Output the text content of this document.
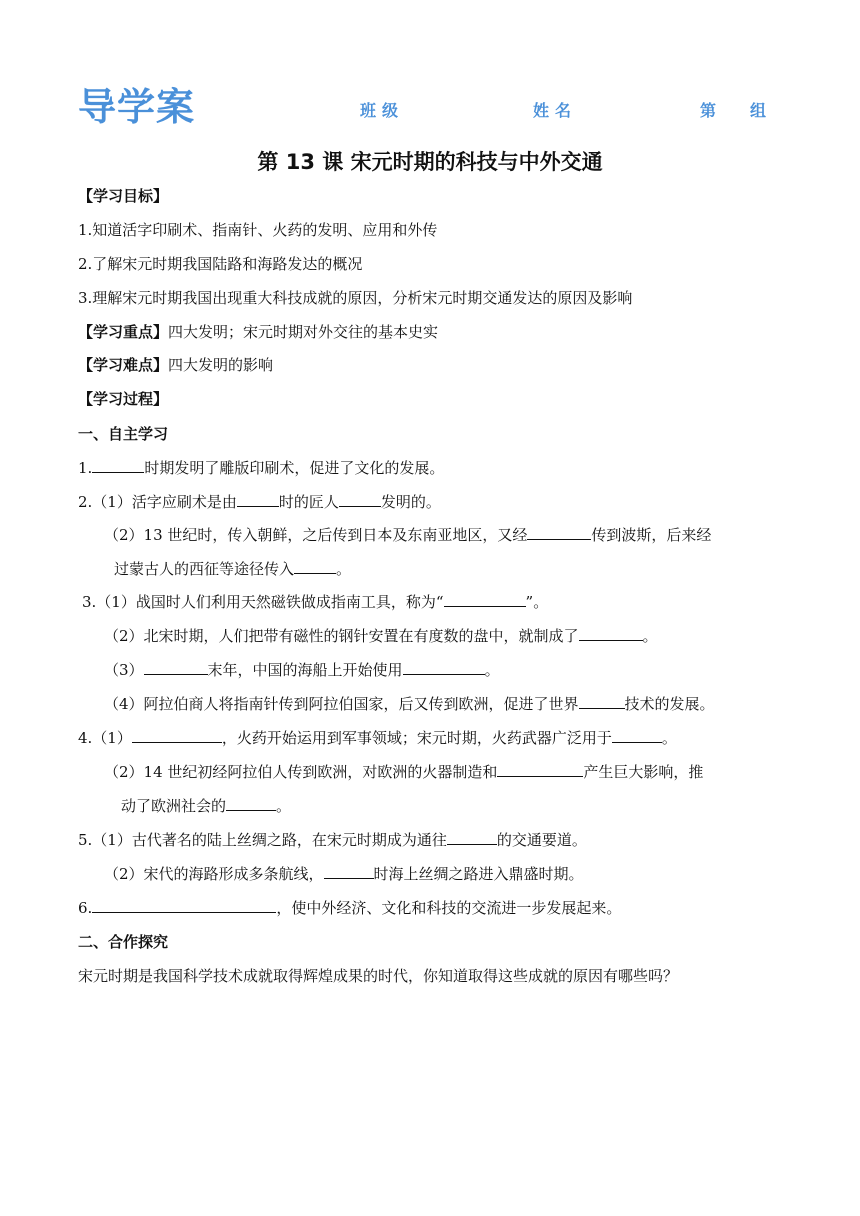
导学案	班级	姓名	第 组
第 13 课 宋元时期的科技与中外交通
【学习目标】
1.知道活字印刷术、指南针、火药的发明、应用和外传
2.了解宋元时期我国陆路和海路发达的概况
3.理解宋元时期我国出现重大科技成就的原因，分析宋元时期交通发达的原因及影响
【学习重点】四大发明；宋元时期对外交往的基本史实
【学习难点】四大发明的影响
【学习过程】
一、自主学习
1.	时期发明了雕版印刷术，促进了文化的发展。
2.（1）活字应刷术是由	时的匠人	发明的。
（2）13 世纪时，传入朝鲜，之后传到日本及东南亚地区，又经	传到波斯，后来经
过蒙古人的西征等途径传入	。
3.（1）战国时人们利用天然磁铁做成指南工具，称为“	”。
（2）北宋时期，人们把带有磁性的钢针安置在有度数的盘中，就制成了	。
（3）	末年，中国的海船上开始使用	。
（4）阿拉伯商人将指南针传到阿拉伯国家，后又传到欧洲，促进了世界	技术的发展。
4.（1）	，火药开始运用到军事领域；宋元时期，火药武器广泛用于	。
（2）14 世纪初经阿拉伯人传到欧洲，对欧洲的火器制造和	产生巨大影响，推
动了欧洲社会的	。
5.（1）古代著名的陆上丝绸之路，在宋元时期成为通往	的交通要道。
（2）宋代的海路形成多条航线，	时海上丝绸之路进入鼎盛时期。
6.	，使中外经济、文化和科技的交流进一步发展起来。
二、合作探究
宋元时期是我国科学技术成就取得辉煌成果的时代，你知道取得这些成就的原因有哪些吗？
